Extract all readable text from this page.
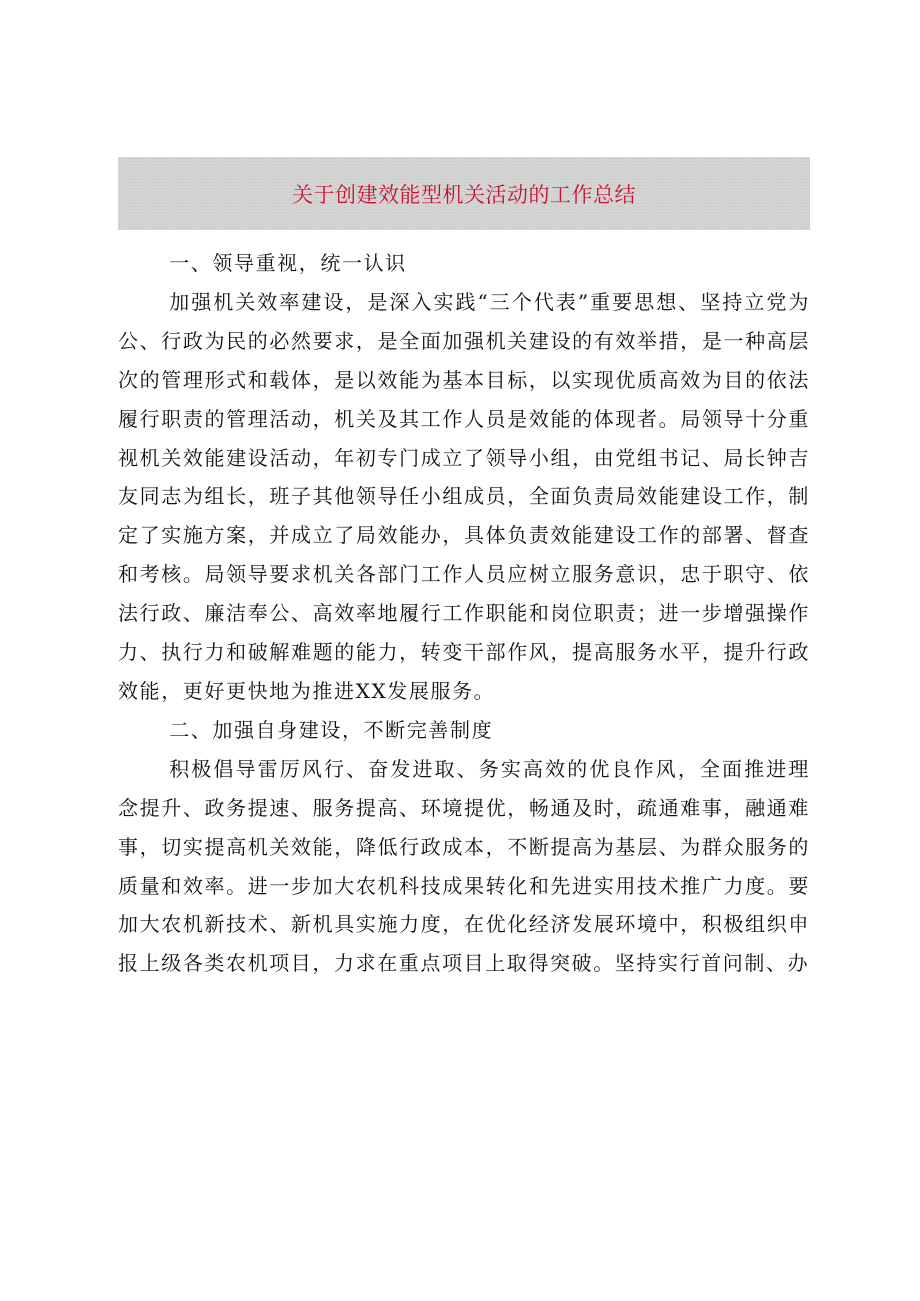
关于创建效能型机关活动的工作总结

一、领导重视，统一认识

加强机关效率建设，是深入实践“三个代表”重要思想、坚持立党为公、行政为民的必然要求，是全面加强机关建设的有效举措，是一种高层次的管理形式和载体，是以效能为基本目标，以实现优质高效为目的依法履行职责的管理活动，机关及其工作人员是效能的体现者。局领导十分重视机关效能建设活动，年初专门成立了领导小组，由党组书记、局长钟吉友同志为组长，班子其他领导任小组成员，全面负责局效能建设工作，制定了实施方案，并成立了局效能办，具体负责效能建设工作的部署、督查和考核。局领导要求机关各部门工作人员应树立服务意识，忠于职守、依法行政、廉洁奉公、高效率地履行工作职能和岗位职责；进一步增强操作力、执行力和破解难题的能力，转变干部作风，提高服务水平，提升行政效能，更好更快地为推进XX发展服务。

二、加强自身建设，不断完善制度

积极倡导雷厉风行、奋发进取、务实高效的优良作风，全面推进理念提升、政务提速、服务提高、环境提优，畅通及时，疏通难事，融通难事，切实提高机关效能，降低行政成本，不断提高为基层、为群众服务的质量和效率。进一步加大农机科技成果转化和先进实用技术推广力度。要加大农机新技术、新机具实施力度，在优化经济发展环境中，积极组织申报上级各类农机项目，力求在重点项目上取得突破。坚持实行首问制、办
